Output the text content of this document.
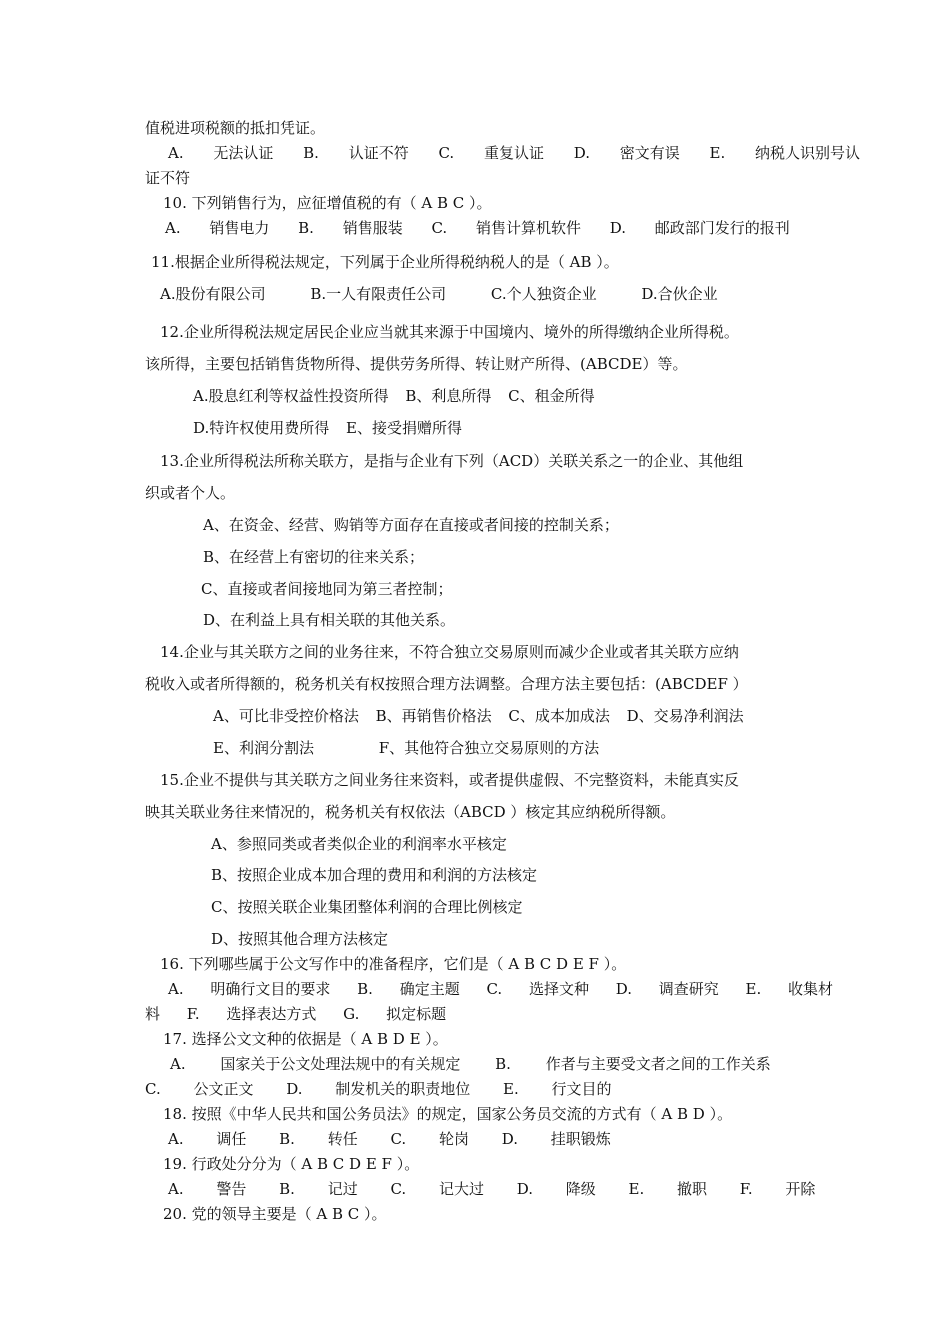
值税进项税额的抵扣凭证。
A. 无法认证 B. 认证不符 C. 重复认证 D. 密文有误 E. 纳税人识别号认
证不符
10. 下列销售行为，应征增值税的有（ A B C ）。
A. 销售电力 B. 销售服装 C. 销售计算机软件 D. 邮政部门发行的报刊
11.根据企业所得税法规定，下列属于企业所得税纳税人的是（ AB ）。
A.股份有限公司 B.一人有限责任公司 C.个人独资企业 D.合伙企业
12.企业所得税法规定居民企业应当就其来源于中国境内、境外的所得缴纳企业所得税。
该所得，主要包括销售货物所得、提供劳务所得、转让财产所得、(ABCDE）等。
A.股息红利等权益性投资所得 B、利息所得 C、租金所得
D.特许权使用费所得 E、接受捐赠所得
13.企业所得税法所称关联方，是指与企业有下列（ACD）关联关系之一的企业、其他组
织或者个人。
A、在资金、经营、购销等方面存在直接或者间接的控制关系；
B、在经营上有密切的往来关系；
C、直接或者间接地同为第三者控制；
D、在利益上具有相关联的其他关系。
14.企业与其关联方之间的业务往来，不符合独立交易原则而减少企业或者其关联方应纳
税收入或者所得额的，税务机关有权按照合理方法调整。合理方法主要包括：(ABCDEF ）
A、可比非受控价格法 B、再销售价格法 C、成本加成法 D、交易净利润法
E、利润分割法 F、其他符合独立交易原则的方法
15.企业不提供与其关联方之间业务往来资料，或者提供虚假、不完整资料，未能真实反
映其关联业务往来情况的，税务机关有权依法（ABCD ）核定其应纳税所得额。
A、参照同类或者类似企业的利润率水平核定
B、按照企业成本加合理的费用和利润的方法核定
C、按照关联企业集团整体利润的合理比例核定
D、按照其他合理方法核定
16. 下列哪些属于公文写作中的准备程序，它们是（ A B C D E F ）。
A. 明确行文目的要求 B. 确定主题 C. 选择文种 D. 调查研究 E. 收集材
料 F. 选择表达方式 G. 拟定标题
17. 选择公文文种的依据是（ A B D E ）。
A. 国家关于公文处理法规中的有关规定 B. 作者与主要受文者之间的工作关系
C. 公文正文 D. 制发机关的职责地位 E. 行文目的
18. 按照《中华人民共和国公务员法》的规定，国家公务员交流的方式有（ A B D ）。
A. 调任 B. 转任 C. 轮岗 D. 挂职锻炼
19. 行政处分分为（ A B C D E F ）。
A. 警告 B. 记过 C. 记大过 D. 降级 E. 撤职 F. 开除
20. 党的领导主要是（ A B C ）。
